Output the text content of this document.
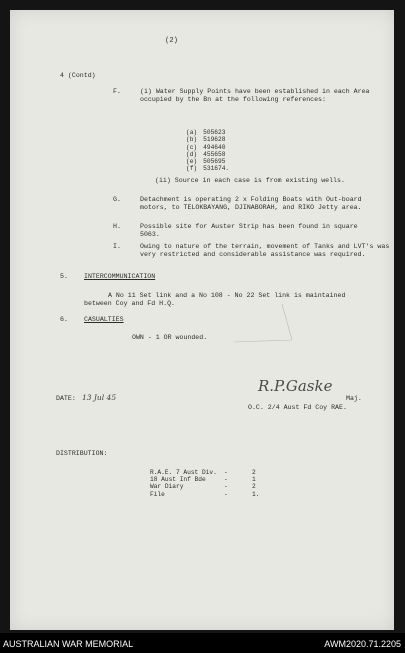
(2)
4 (Contd)
F.	(i) Water Supply Points have been established in each Area occupied by the Bn at the following references:
(a) 505623
(b) 519628
(c) 494640
(d) 455658
(e) 505695
(f) 531674.
(ii) Source in each case is from existing wells.
G.	Detachment is operating 2 x Folding Boats with Out-board motors, to TELOKBAYANG, DJINABORAH, and RIKO Jetty area.
H.	Possible site for Auster Strip has been found in square 5063.
I.	Owing to nature of the terrain, movement of Tanks and LVT's was very restricted and considerable assistance was required.
5. INTERCOMMUNICATION
A No 11 Set link and a No 108 - No 22 Set link is maintained between Coy and Fd H.Q.
6. CASUALTIES
OWN - 1 OR wounded.
DATE: 13 Jul 45
R.P.Gaske
Maj.
O.C. 2/4 Aust Fd Coy RAE.
DISTRIBUTION:
R.A.E. 7 Aust Div.	-	2
18 Aust Inf Bde	-	1
War Diary	-	2
File	-	1.
AUSTRALIAN WAR MEMORIAL	AWM2020.71.2205
